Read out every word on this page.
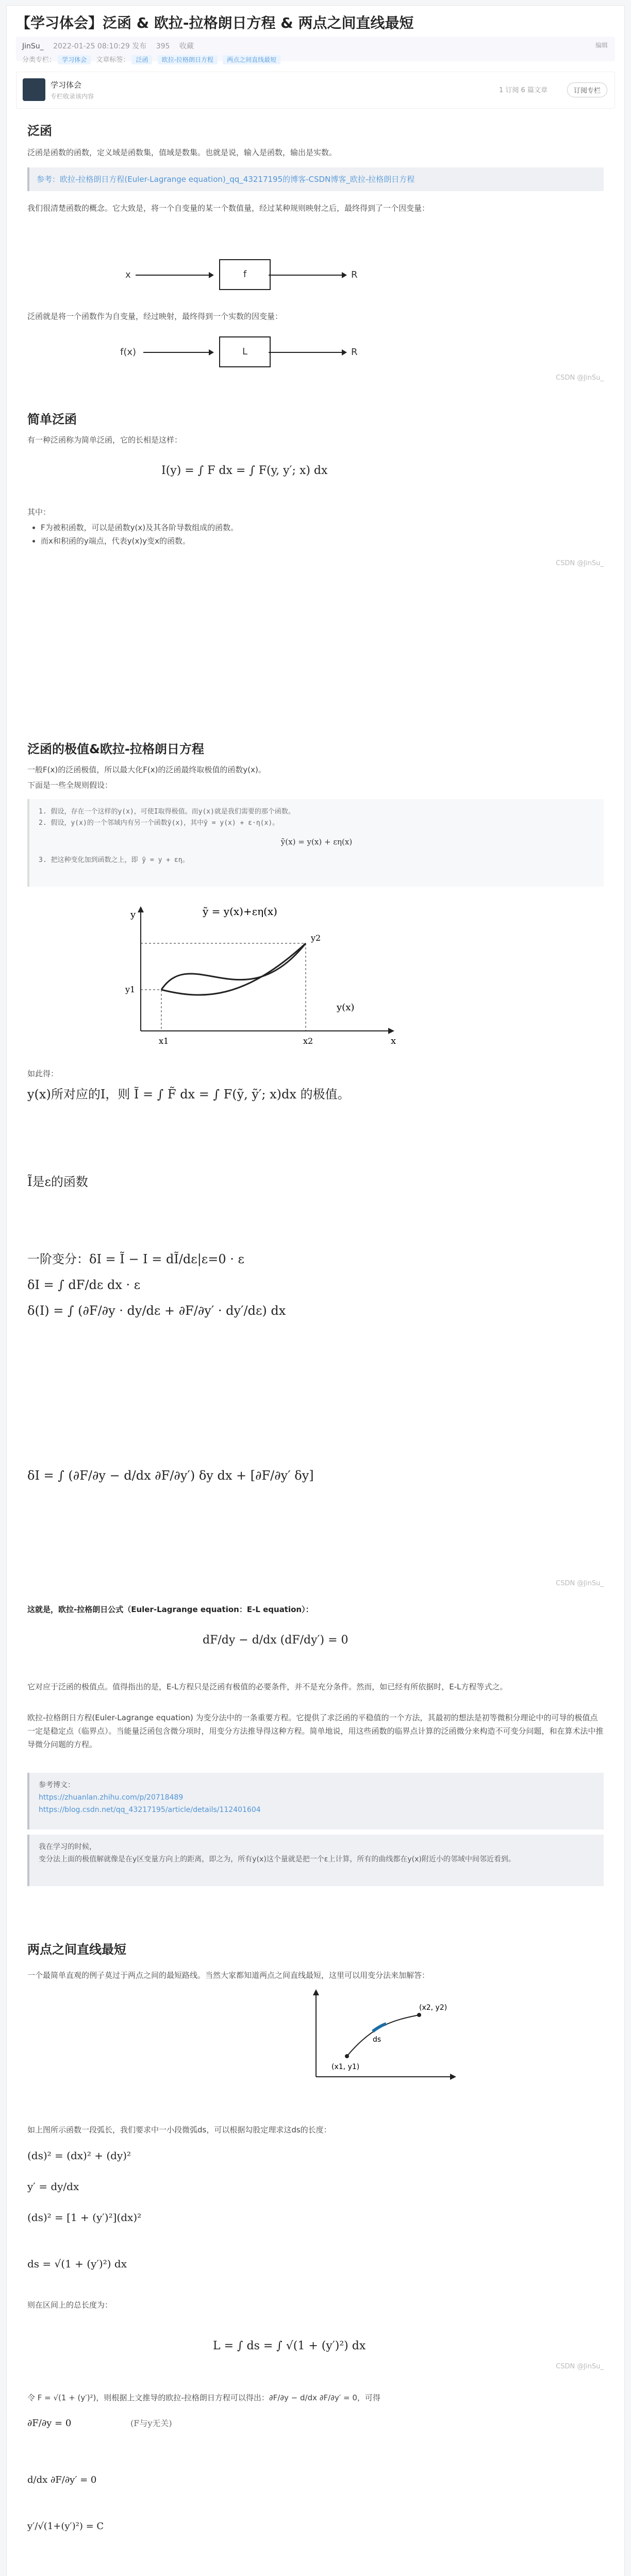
【学习体会】泛函 & 欧拉-拉格朗日方程 & 两点之间直线最短
JinSu_ 2022-01-25 08:10:29 发布 395 收藏
分类专栏： 学习体会 文章标签： 泛函 欧拉-拉格朗日方程 两点之间直线最短
编辑
学习体会
专栏收录该内容
1 订阅 6 篇文章	订阅专栏
泛函
泛函是函数的函数，定义域是函数集，值域是数集。也就是说，输入是函数，输出是实数。
参考：欧拉-拉格朗日方程(Euler-Lagrange equation)_qq_43217195的博客-CSDN博客_欧拉-拉格朗日方程
我们很清楚函数的概念。它大致是，将一个自变量的某一个数值量，经过某种规则映射之后，最终得到了一个因变量：
x	f	R
泛函就是将一个函数作为自变量，经过映射，最终得到一个实数的因变量：
f(x)	L	R
CSDN @JinSu_
简单泛函
有一种泛函称为简单泛函，它的长相是这样：
I(y) = ∫ F dx = ∫ F(y, y′; x) dx
其中：
• F为被积函数，可以是函数y(x)及其各阶导数组成的函数。
• 而x和积函的y端点，代表y(x)y变x的函数。
CSDN @JinSu_
泛函的极值&欧拉-拉格朗日方程
一般F(x)的泛函极值，所以最大化F(x)的泛函最终取极值的函数y(x)。
下面是一些全规则假设：
1. 假设，存在一个这样的y(x)，可使I取得极值。而y(x)就是我们需要的那个函数。
2. 假设，y(x)的一个邻域内有另一个函数ỹ(x)，其中ỹ = y(x) + ε·η(x)。
ỹ(x) = y(x) + εη(x)
3. 把这种变化加到函数之上，即 ỹ = y + εη。
ỹ = y(x)+εη(x)
y
y1
y2
y(x)
x1	x2	x
如此得：
y(x)所对应的I，则 Ĩ = ∫ F̃ dx = ∫ F(ỹ, ỹ′; x)dx 的极值。
Ĩ是ε的函数
一阶变分：δI = Ĩ − I = dĨ/dε|ε=0 · ε
δI = ∫ dF/dε dx · ε
δ(I) = ∫ (∂F/∂y · dy/dε + ∂F/∂y′ · dy′/dε) dx
δI = ∫ (∂F/∂y − d/dx ∂F/∂y′) δy dx + [∂F/∂y′ δy]
CSDN @JinSu_
这就是，欧拉-拉格朗日公式（Euler-Lagrange equation：E-L equation）：
dF/dy − d/dx (dF/dy′) = 0
它对应于泛函的极值点。值得指出的是，E-L方程只是泛函有极值的必要条件，并不是充分条件。然而，如已经有所依据时，E-L方程等式之。
欧拉-拉格朗日方程(Euler-Lagrange equation) 为变分法中的一条重要方程。它提供了求泛函的平稳值的一个方法，其最初的想法是初等微积分理论中的可导的极值点一定是稳定点（临界点）。当能量泛函包含微分项时，用变分方法推导得这种方程。简单地说，用这些函数的临界点计算的泛函微分来构造不可变分问题，和在算术法中推导微分问题的方程。
参考博文：
https://zhuanlan.zhihu.com/p/20718489
https://blog.csdn.net/qq_43217195/article/details/112401604
我在学习的时候，
变分法上面的极值解就像是在y区变量方向上的距离，即之为，所有y(x)这个量就是把一个ε上计算，所有的曲线都在y(x)附近小的邻域中间邻近看到。
两点之间直线最短
一个最简单直观的例子莫过于两点之间的最短路线。当然大家都知道两点之间直线最短，这里可以用变分法来加解答：
ds
(x1, y1)
(x2, y2)
如上图所示函数一段弧长，我们要求中一小段微弧ds，可以根据勾股定理求这ds的长度：
(ds)² = (dx)² + (dy)²
y′ = dy/dx
(ds)² = [1 + (y′)²](dx)²
ds = √(1 + (y′)²) dx
则在区间上的总长度为：
L = ∫ ds = ∫ √(1 + (y′)²) dx
CSDN @JinSu_
令 F = √(1 + (y′)²)，则根据上文推导的欧拉-拉格朗日方程可以得出：∂F/∂y − d/dx ∂F/∂y′ = 0，可得
∂F/∂y = 0	(F与y无关)
d/dx ∂F/∂y′ = 0
y′/√(1+(y′)²) = C
